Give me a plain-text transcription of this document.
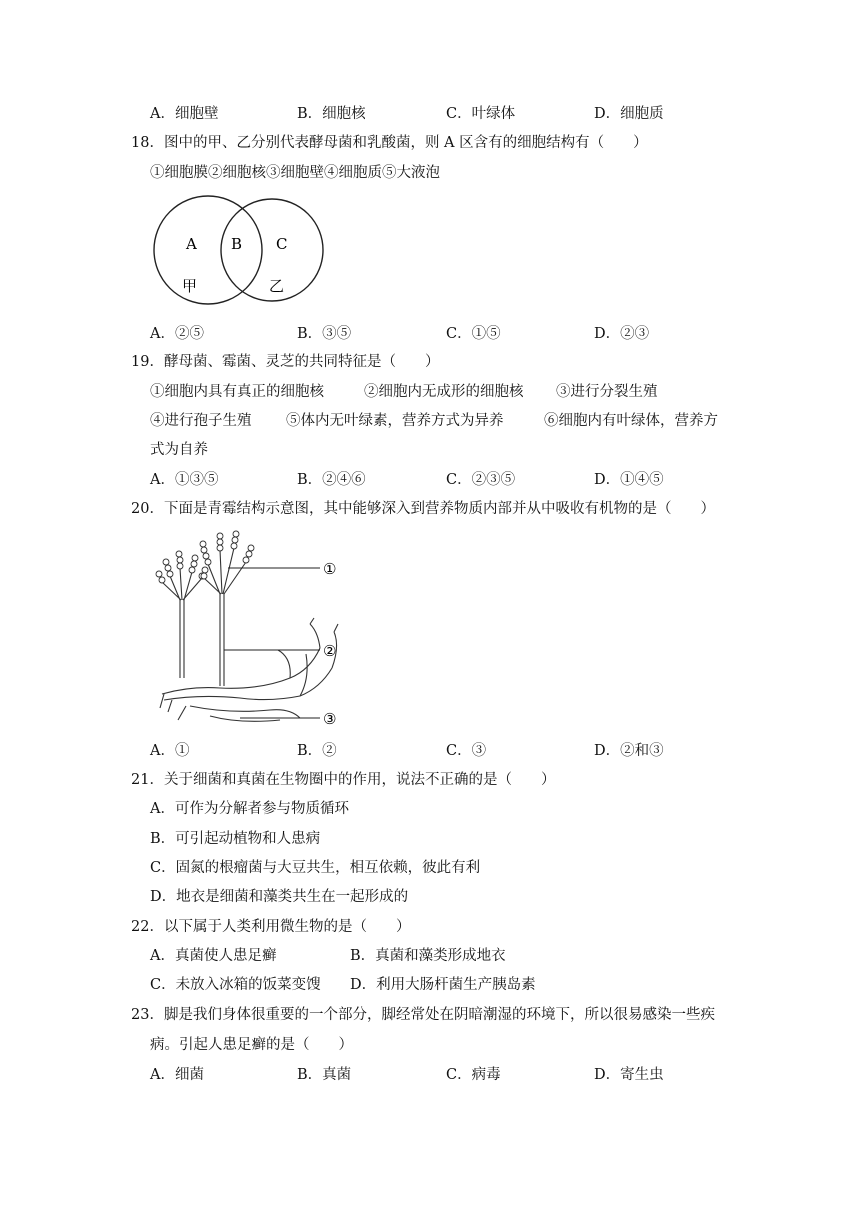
A．细胞壁	B．细胞核	C．叶绿体	D．细胞质
18．图中的甲、乙分别代表酵母菌和乳酸菌，则 A 区含有的细胞结构有（　　）
①细胞膜②细胞核③细胞壁④细胞质⑤大液泡
A B C
甲	乙
A．②⑤	B．③⑤	C．①⑤	D．②③
19．酵母菌、霉菌、灵芝的共同特征是（　　）
①细胞内具有真正的细胞核	②细胞内无成形的细胞核 ③进行分裂生殖
④进行孢子生殖 ⑤体内无叶绿素，营养方式为异养	⑥细胞内有叶绿体，营养方
式为自养
A．①③⑤	B．②④⑥	C．②③⑤	D．①④⑤
20．下面是青霉结构示意图，其中能够深入到营养物质内部并从中吸收有机物的是（　　）
①
②
③
A．①	B．②	C．③	D．②和③
21．关于细菌和真菌在生物圈中的作用，说法不正确的是（　　）
A．可作为分解者参与物质循环
B．可引起动植物和人患病
C．固氮的根瘤菌与大豆共生，相互依赖，彼此有利
D．地衣是细菌和藻类共生在一起形成的
22．以下属于人类利用微生物的是（　　）
A．真菌使人患足癣	B．真菌和藻类形成地衣
C．未放入冰箱的饭菜变馊 D．利用大肠杆菌生产胰岛素
23．脚是我们身体很重要的一个部分，脚经常处在阴暗潮湿的环境下，所以很易感染一些疾
病。引起人患足癣的是（　　）
A．细菌	B．真菌	C．病毒	D．寄生虫
